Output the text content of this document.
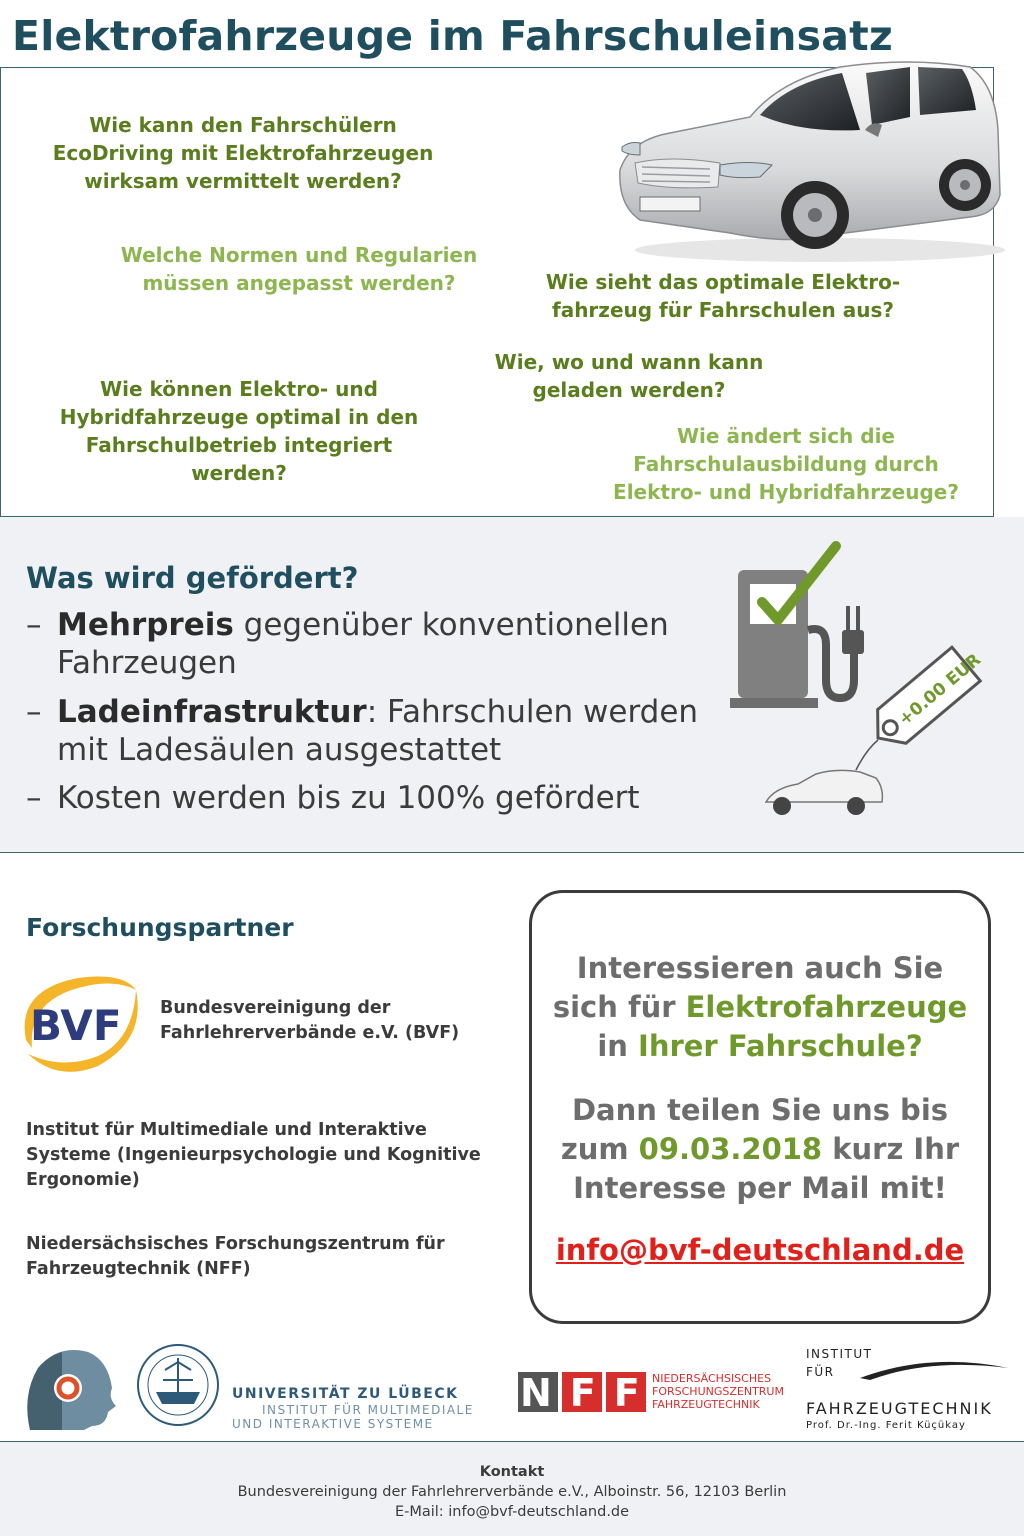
Elektrofahrzeuge im Fahrschuleinsatz
Wie kann den Fahrschülern
EcoDriving mit Elektrofahrzeugen
wirksam vermittelt werden?
Welche Normen und Regularien
müssen angepasst werden?	Wie sieht das optimale Elektro-
fahrzeug für Fahrschulen aus?
Wie, wo und wann kann
geladen werden?
Wie können Elektro- und
Hybridfahrzeuge optimal in den
Fahrschulbetrieb integriert
werden?
Wie ändert sich die
Fahrschulausbildung durch
Elektro- und Hybridfahrzeuge?
Was wird gefördert?
– Mehrpreis gegenüber konventionellen
Fahrzeugen
– Ladeinfrastruktur: Fahrschulen werden
mit Ladesäulen ausgestattet
– Kosten werden bis zu 100% gefördert
+0.00 EUR
Forschungspartner
BVF Bundesvereinigung der
Fahrlehrerverbände e.V. (BVF)
Institut für Multimediale und Interaktive
Systeme (Ingenieurpsychologie und Kognitive
Ergonomie)
Niedersächsisches Forschungszentrum für
Fahrzeugtechnik (NFF)
Interessieren auch Sie
sich für Elektrofahrzeuge
in Ihrer Fahrschule?
Dann teilen Sie uns bis
zum 09.03.2018 kurz Ihr
Interesse per Mail mit!
info@bvf-deutschland.de
UNIVERSITÄT ZU LÜBECK
INSTITUT FÜR MULTIMEDIALE
UND INTERAKTIVE SYSTEME
NFF
NIEDERSÄCHSISCHES
FORSCHUNGSZENTRUM
FAHRZEUGTECHNIK
INSTITUT
FÜR
FAHRZEUGTECHNIK
Prof. Dr.-Ing. Ferit Küçükay
Kontakt
Bundesvereinigung der Fahrlehrerverbände e.V., Alboinstr. 56, 12103 Berlin
E-Mail: info@bvf-deutschland.de
